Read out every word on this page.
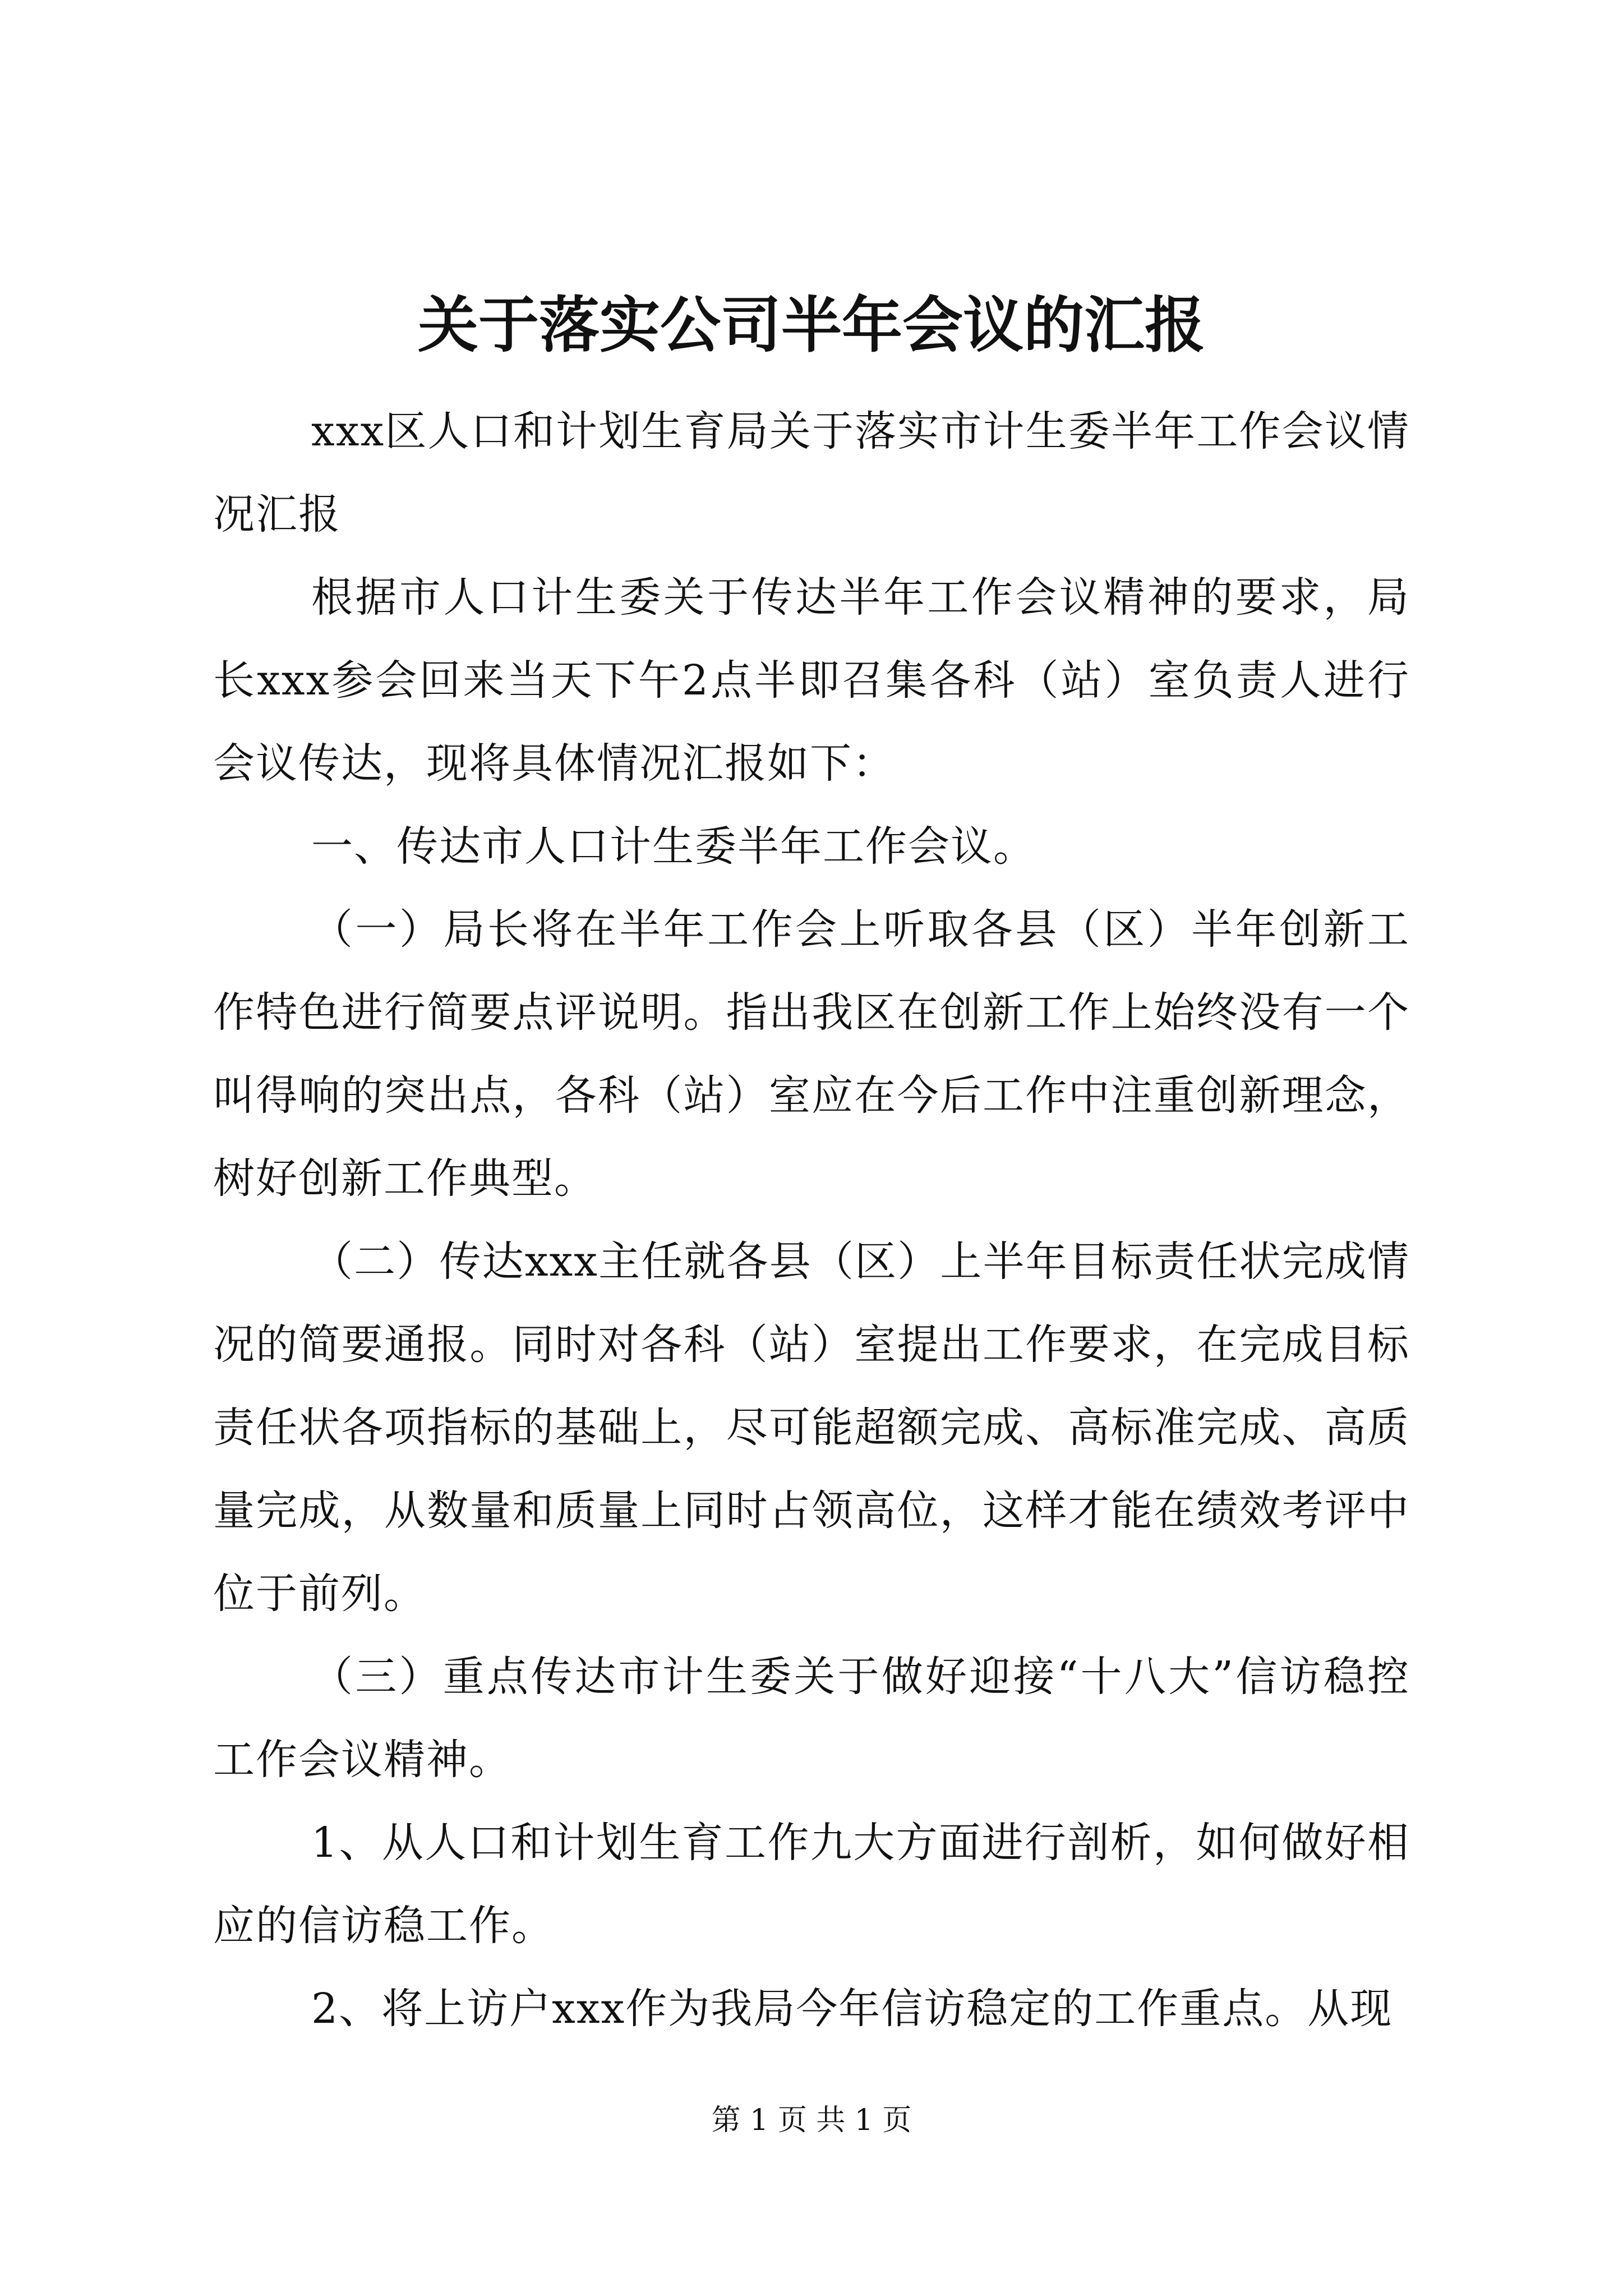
关于落实公司半年会议的汇报

xxx区人口和计划生育局关于落实市计生委半年工作会议情况汇报

根据市人口计生委关于传达半年工作会议精神的要求，局长xxx参会回来当天下午2点半即召集各科（站）室负责人进行会议传达，现将具体情况汇报如下：

一、传达市人口计生委半年工作会议。

（一）局长将在半年工作会上听取各县（区）半年创新工作特色进行简要点评说明。指出我区在创新工作上始终没有一个叫得响的突出点，各科（站）室应在今后工作中注重创新理念，树好创新工作典型。

（二）传达xxx主任就各县（区）上半年目标责任状完成情况的简要通报。同时对各科（站）室提出工作要求，在完成目标责任状各项指标的基础上，尽可能超额完成、高标准完成、高质量完成，从数量和质量上同时占领高位，这样才能在绩效考评中位于前列。

（三）重点传达市计生委关于做好迎接“十八大”信访稳控工作会议精神。

1、从人口和计划生育工作九大方面进行剖析，如何做好相应的信访稳工作。

2、将上访户xxx作为我局今年信访稳定的工作重点。从现

第 1 页 共 1 页
